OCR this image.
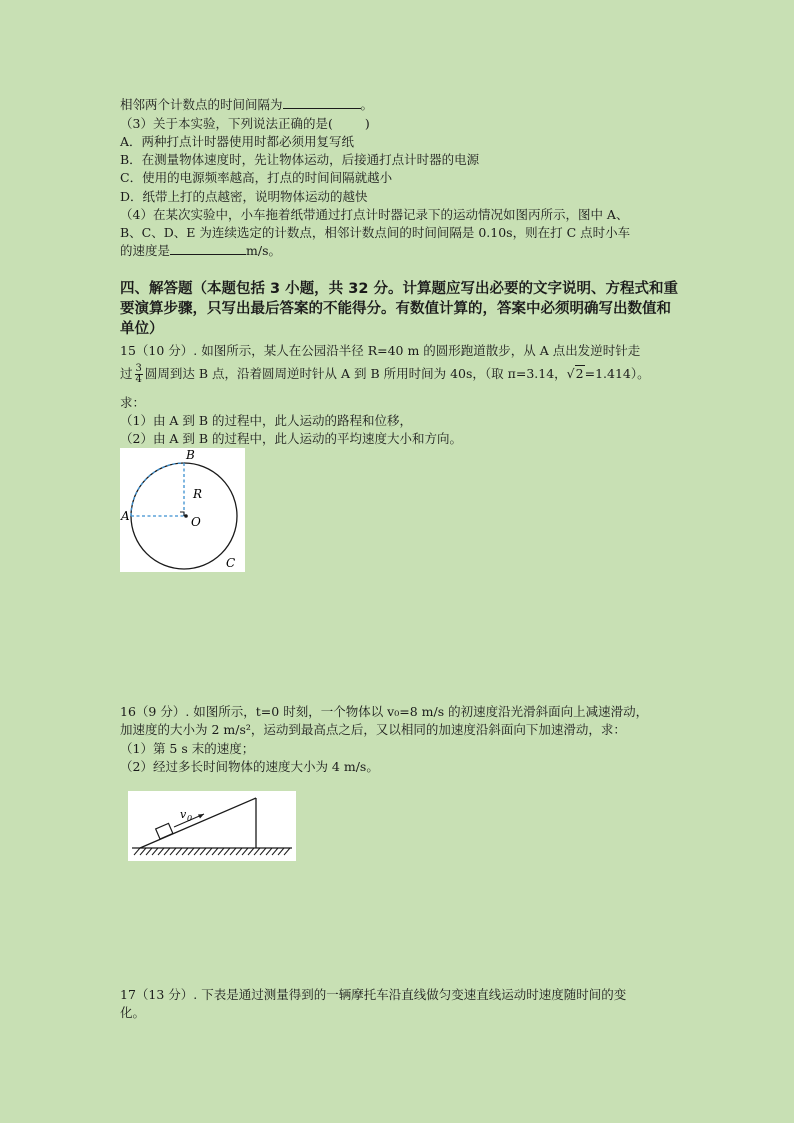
相邻两个计数点的时间间隔为	。
（3）关于本实验，下列说法正确的是(	)
A．两种打点计时器使用时都必须用复写纸
B．在测量物体速度时，先让物体运动，后接通打点计时器的电源
C．使用的电源频率越高，打点的时间间隔就越小
D．纸带上打的点越密，说明物体运动的越快
（4）在某次实验中，小车拖着纸带通过打点计时器记录下的运动情况如图丙所示，图中 A、
B、C、D、E 为连续选定的计数点，相邻计数点间的时间间隔是 0.10s，则在打 C 点时小车
的速度是	m/s。
四、解答题（本题包括 3 小题，共 32 分。计算题应写出必要的文字说明、方程式和重要演算步骤，只写出最后答案的不能得分。有数值计算的，答案中必须明确写出数值和单位）
15（10 分）. 如图所示，某人在公园沿半径 R=40 m 的圆形跑道散步，从 A 点出发逆时针走
过 $\frac{3}{4}$ 圆周到达 B 点，沿着圆周逆时针从 A 到 B 所用时间为 40s，（取 π=3.14，√2=1.414）。
求：
（1）由 A 到 B 的过程中，此人运动的路程和位移，
（2）由 A 到 B 的过程中，此人运动的平均速度大小和方向。
A
B
C
O
R
16（9 分）. 如图所示，t=0 时刻，一个物体以 v₀=8 m/s 的初速度沿光滑斜面向上减速滑动，
加速度的大小为 2 m/s²，运动到最高点之后，又以相同的加速度沿斜面向下加速滑动，求：
（1）第 5 s 末的速度；
（2）经过多长时间物体的速度大小为 4 m/s。
v 0
17（13 分）. 下表是通过测量得到的一辆摩托车沿直线做匀变速直线运动时速度随时间的变
化。
